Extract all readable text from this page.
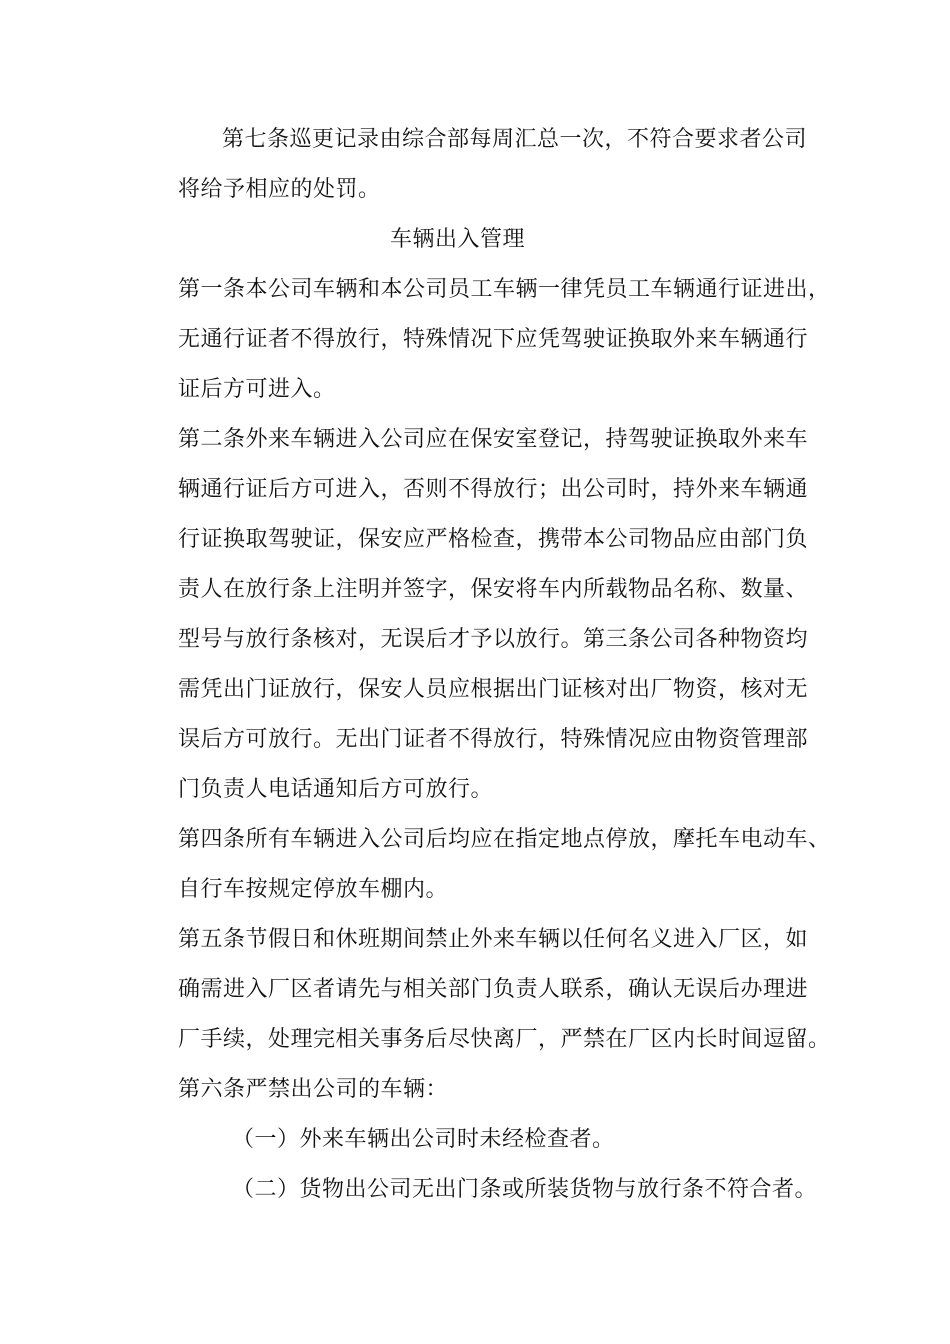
第七条巡更记录由综合部每周汇总一次，不符合要求者公司
将给予相应的处罚。
车辆出入管理
第一条本公司车辆和本公司员工车辆一律凭员工车辆通行证进出，
无通行证者不得放行，特殊情况下应凭驾驶证换取外来车辆通行
证后方可进入。
第二条外来车辆进入公司应在保安室登记，持驾驶证换取外来车
辆通行证后方可进入，否则不得放行；出公司时，持外来车辆通
行证换取驾驶证，保安应严格检查，携带本公司物品应由部门负
责人在放行条上注明并签字，保安将车内所载物品名称、数量、
型号与放行条核对，无误后才予以放行。第三条公司各种物资均
需凭出门证放行，保安人员应根据出门证核对出厂物资，核对无
误后方可放行。无出门证者不得放行，特殊情况应由物资管理部
门负责人电话通知后方可放行。
第四条所有车辆进入公司后均应在指定地点停放，摩托车电动车、
自行车按规定停放车棚内。
第五条节假日和休班期间禁止外来车辆以任何名义进入厂区，如
确需进入厂区者请先与相关部门负责人联系，确认无误后办理进
厂手续，处理完相关事务后尽快离厂，严禁在厂区内长时间逗留。
第六条严禁出公司的车辆：
（一）外来车辆出公司时未经检查者。
（二）货物出公司无出门条或所装货物与放行条不符合者。
